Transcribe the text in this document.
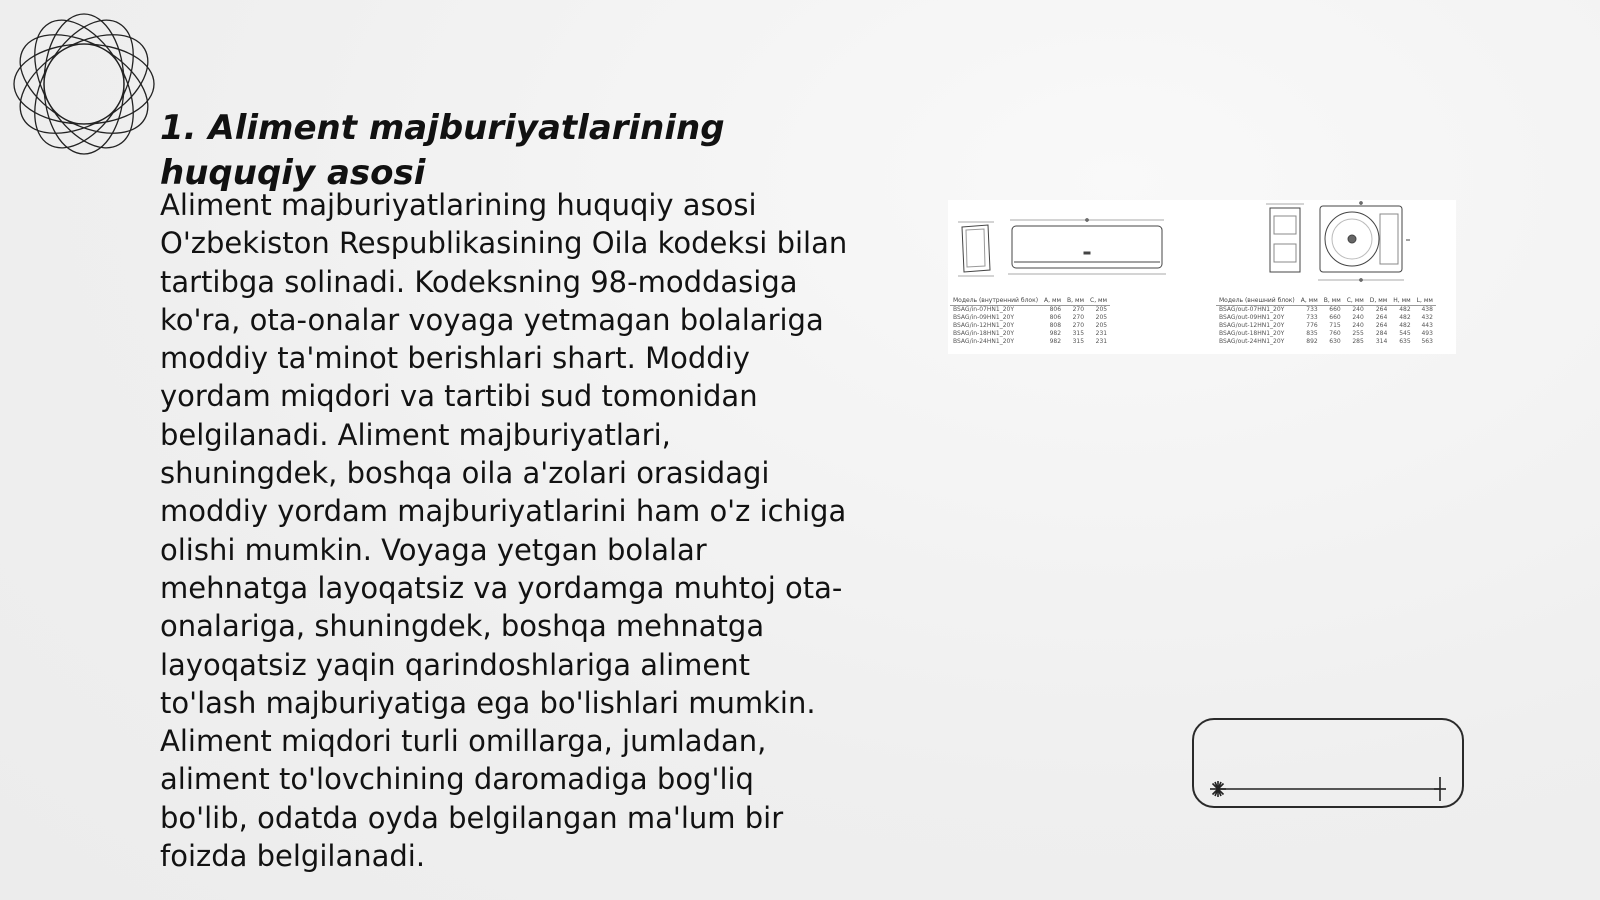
1. Aliment majburiyatlarining huquqiy asosi

Aliment majburiyatlarining huquqiy asosi O'zbekiston Respublikasining Oila kodeksi bilan tartibga solinadi. Kodeksning 98-moddasiga ko'ra, ota-onalar voyaga yetmagan bolalariga moddiy ta'minot berishlari shart. Moddiy yordam miqdori va tartibi sud tomonidan belgilanadi. Aliment majburiyatlari, shuningdek, boshqa oila a'zolari orasidagi moddiy yordam majburiyatlarini ham o'z ichiga olishi mumkin. Voyaga yetgan bolalar mehnatga layoqatsiz va yordamga muhtoj ota-onalariga, shuningdek, boshqa mehnatga layoqatsiz yaqin qarindoshlariga aliment to'lash majburiyatiga ega bo'lishlari mumkin. Aliment miqdori turli omillarga, jumladan, aliment to'lovchining daromadiga bog'liq bo'lib, odatda oyda belgilangan ma'lum bir foizda belgilanadi.

Модель (внутренний блок)	A, мм	B, мм	C, мм
BSAG/in-07HN1_20Y	806	270	205
BSAG/in-09HN1_20Y	806	270	205
BSAG/in-12HN1_20Y	808	270	205
BSAG/in-18HN1_20Y	982	315	231
BSAG/in-24HN1_20Y	982	315	231
Модель (внешний блок)	A, мм	B, мм	C, мм	D, мм	H, мм	L, мм
BSAG/out-07HN1_20Y	733	660	240	264	482	438
BSAG/out-09HN1_20Y	733	660	240	264	482	432
BSAG/out-12HN1_20Y	776	715	240	264	482	443
BSAG/out-18HN1_20Y	835	760	255	284	545	493
BSAG/out-24HN1_20Y	892	630	285	314	635	563
